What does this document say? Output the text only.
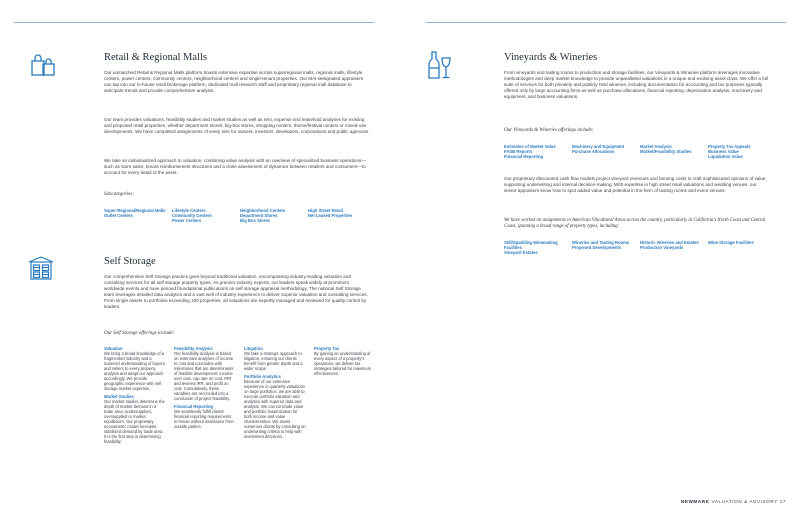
Retail & Regional Malls

Our unmatched Retail & Regional Malls platform boasts extensive expertise across superregional malls, regional malls, lifestyle centers, power centers, community centers, neighborhood centers and single-tenant properties. Our MAI-designated appraisers can tap into our in-house retail brokerage platform, dedicated mall research staff and proprietary regional mall database to anticipate trends and provide comprehensive analysis.

Our team provides valuations, feasibility studies and market studies as well as rent, expense and leasehold analyses for existing and proposed retail properties, whether department stores, big-box stores, shopping centers, theme/festival centers or mixed-use developments. We have completed assignments of every size for owners, investors, developers, corporations and public agencies.

We take an individualized approach to valuation, combining value analysis with an overview of specialized business operations—such as store sales, tenant reimbursement structures and a close assessment of dynamics between retailers and consumers—to account for every detail of the asset.

Subcategories:
Super-Regional/Regional Malls
Outlet Centers
Lifestyle Centers
Community Centers
Power Centers
Neighborhood Centers
Department Stores
Big Box Stores
High Street Retail
Net Leased Properties
Self Storage

Our comprehensive Self Storage practice goes beyond traditional valuation, encompassing industry-leading valuation and consulting services for all self storage property types. As premier industry experts, our leaders speak widely at prominent worldwide events and have penned foundational publications on self storage appraisal methodology. The national Self Storage team leverages detailed data analytics and a vast well of industry experience to deliver superior valuation and consulting services. From single assets to portfolios exceeding 100 properties, all valuations are expertly managed and reviewed for quality control by leaders.

Our Self Storage offerings include:
Valuation

We bring a broad knowledge of a fragmented industry and a nuanced understanding of buyers and sellers to every property analysis and adapt our approach accordingly. We provide geographic experience with self storage market expertise.

Market Studies

Our market studies determine the depth of market demand in a trade area: undersupplied, oversupplied or market equilibrium. Our proprietary econometric model forecasts stabilized demand by trade area. It is the first step in determining feasibility.

Feasibility Analysis

Our feasibility analysis is based on extensive analyses of income to cost and concludes with milestones that are determinants of feasible development: income over cost, cap rate on cost, IRR and levered IRR, and profit on cost. Cumulatively, these variables are reconciled into a conclusion of project feasibility.

Financial Reporting

We seamlessly fulfill clients' financial reporting requirements in-house without assistance from outside parties.

Litigation

We take a strategic approach to litigation, ensuring our clients benefit from greater depth and a wider scope.

Portfolio Analytics

Because of our extensive experience in quarterly valuations on large portfolios, we are able to execute portfolio valuation and analytics with superior data and analysis. We can conclude value and portfolio maximization for both income and value characteristics. We assist numerous clients by consulting on underwriting criteria to help with investment decisions.

Property Tax

By gaining an understanding of every aspect of a property's operations, we deliver tax strategies tailored for maximum effectiveness.

Vineyards & Wineries

From vineyards and tasting rooms to production and storage facilities, our Vineyards & Wineries platform leverages innovative methodologies and deep market knowledge to provide unparalleled valuations in a unique and evolving asset class. We offer a full suite of services for both privately and publicly held wineries, including documentation for accounting and tax purposes typically offered only by large accounting firms as well as purchase allocations, financial reporting, depreciation analysis, machinery and equipment, and business valuations.

Our Vineyards & Wineries offerings include:
Estimates of Market Value
FASB Reports
Financial Reporting
Machinery and Equipment
Purchase Allocations
Market Analysis
Market/Feasibility Studies
Property Tax Appeals
Business Value
Liquidation Value

Our proprietary discounted cash flow models project vineyard revenues and farming costs to craft sophisticated opinions of value, supporting underwriting and internal decision-making. With expertise in high street retail valuations and wedding venues, our senior appraisers know how to spot added value and potential in the form of tasting rooms and event venues.

We have worked on assignments in American Viticultural Areas across the country, particularly in California's North Coast and Central Coast, spanning a broad range of property types, including:

Still/Sparkling Winemaking Facilities
Vineyard Estates
Wineries and Tasting Rooms
Proposed Developments
Historic Wineries and Estates
Production Vineyards
Wine Storage Facilities
NEWMARK VALUATION & ADVISORY 17
